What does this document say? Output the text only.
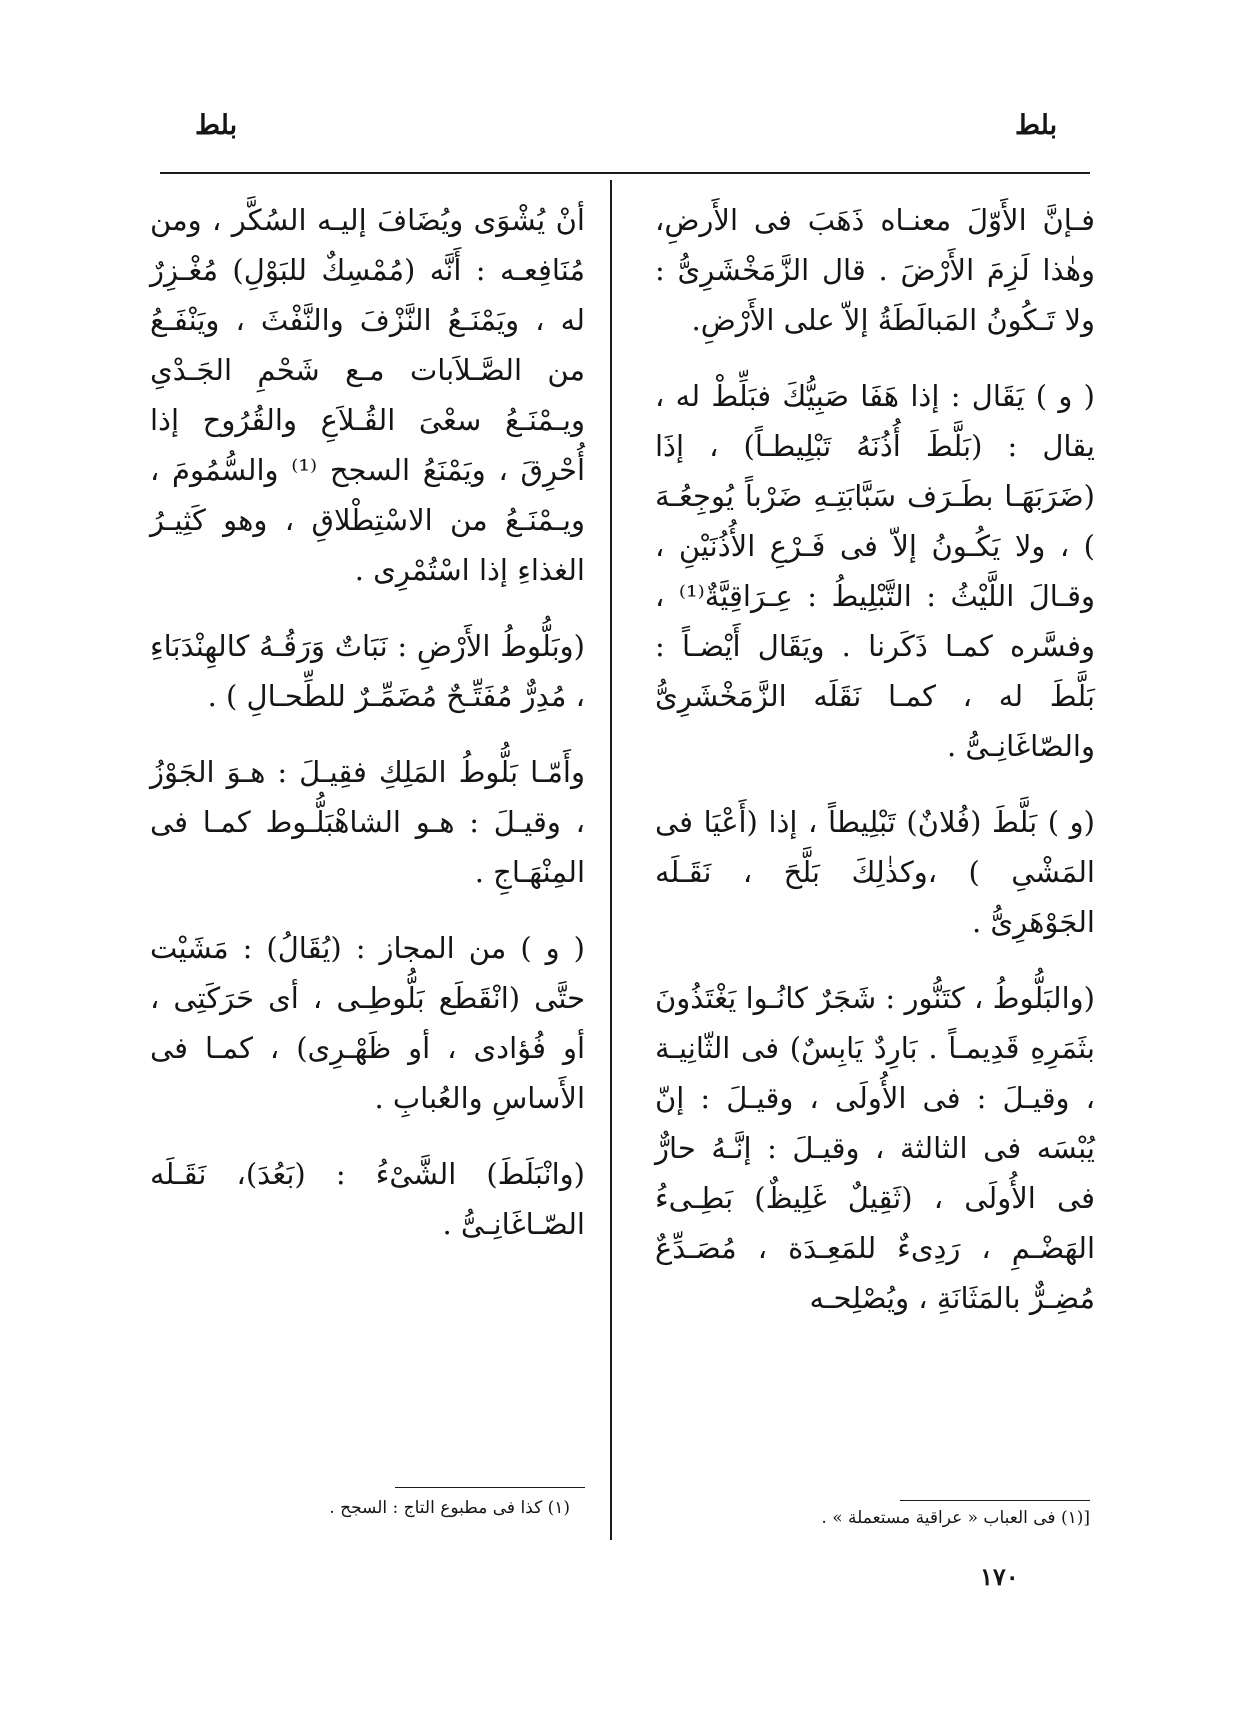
بلط	بلط

فـإنَّ الأَوّلَ معنـاه ذَهَبَ فى الأَرضِ، وهٰذا لَزِمَ الأَرْضَ . قال الزَّمَخْشَرِىُّ : ولا تَـكُونُ المَبالَطَةُ إلاّ على الأَرْضِ.

( و ) يَقَال : إذا هَفَا صَبِيُّكَ فبَلِّطْ له ، يقال : (بَلَّطَ أُذُنَهُ تَبْلِيطـاً) ، إذَا (ضَرَبَهَـا بطَـرَف سَبَّابَتِـهِ ضَرْباً يُوجِعُـهَ ) ، ولا يَكُـونُ إلاّ فى فَـرْعِ الأُذُنَيْنِ ، وقـالَ اللَّيْثُ : التَّبْلِيطُ : عِـرَاقِيَّةٌ⁽¹⁾ ، وفسَّره كمـا ذَكَرنا . ويَقَال أَيْضـاً : بَلَّطَ له ، كمـا نَقَلَه الزَّمَخْشَرِىُّ والصّاغَانِـىُّ .

(و ) بَلَّطَ (فُلانٌ) تَبْلِيطاً ، إذا (أَعْيَا فى المَشْىِ ) ،وكذٰلِكَ بَلَّحَ ، نَقَـلَه الجَوْهَرِىُّ .

(والبَلُّوطُ ، كتَنُّور : شَجَرٌ كانُـوا يَغْتَذُونَ بثَمَرِهِ قَدِيمـاً . بَارِدٌ يَابِسٌ) فى الثّانِيـة ، وقيـلَ : فى الأُولَى ، وقيـلَ : إنّ يُبْسَه فى الثالثة ، وقيـلَ : إنَّـهُ حارٌّ فى الأُولَى ، (ثَقِيلٌ غَلِيظٌ) بَطِـىءُ الهَضْـمِ ، رَدِىءٌ للمَعِـدَة ، مُصَـدِّعٌ مُضِـرٌّ بالمَثَانَةِ ، ويُصْلِحـه

أنْ يُشْوَى ويُضَافَ إليـه السُكَّر ، ومن مُنَافِعـه : أَنَّه (مُمْسِكٌ للبَوْلِ) مُغْـزِرٌ له ، ويَمْنَـعُ النَّزْفَ والنَّفْثَ ، ويَنْفَـعُ من الصَّـلاَبات مـع شَحْمِ الجَـدْىِ ويـمْنَـعُ سعْىَ القُـلاَعِ والقُرُوح إذا أُحْرِقَ ، ويَمْنَعُ السجح ⁽¹⁾ والسُّمُومَ ، ويـمْنَـعُ من الاسْتِطْلاقِ ، وهو كَثِيـرُ الغذاءِ إذا اسْتُمْرِى .

(وبَلُّوطُ الأَرْضِ : نَبَاتٌ وَرَقُـهُ كالهِنْدَبَاءِ ، مُدِرٌّ مُفَتِّـحٌ مُضَمِّـرٌ للطِّحـالِ ) .

وأَمّـا بَلُّوطُ المَلِكِ فقِيـلَ : هـوَ الجَوْزُ ، وقيـلَ : هـو الشاهْبَلُّـوط كمـا فى المِنْهَـاجِ .

( و ) من المجاز : (يُقَالُ) : مَشَيْت حتَّى (انْقَطَع بَلُّوطِـى ، أى حَرَكَتِى ، أو فُؤادى ، أو ظَهْـرِى) ، كمـا فى الأَساسِ والعُبابِ .

(وانْبَلَطَ) الشَّىْءُ : (بَعُدَ)، نَقَـلَه الصّـاغَانِـىُّ .

[(١) فى العباب « عراقية مستعملة » .
(١) كذا فى مطبوع التاج : السجح .
١٧٠
